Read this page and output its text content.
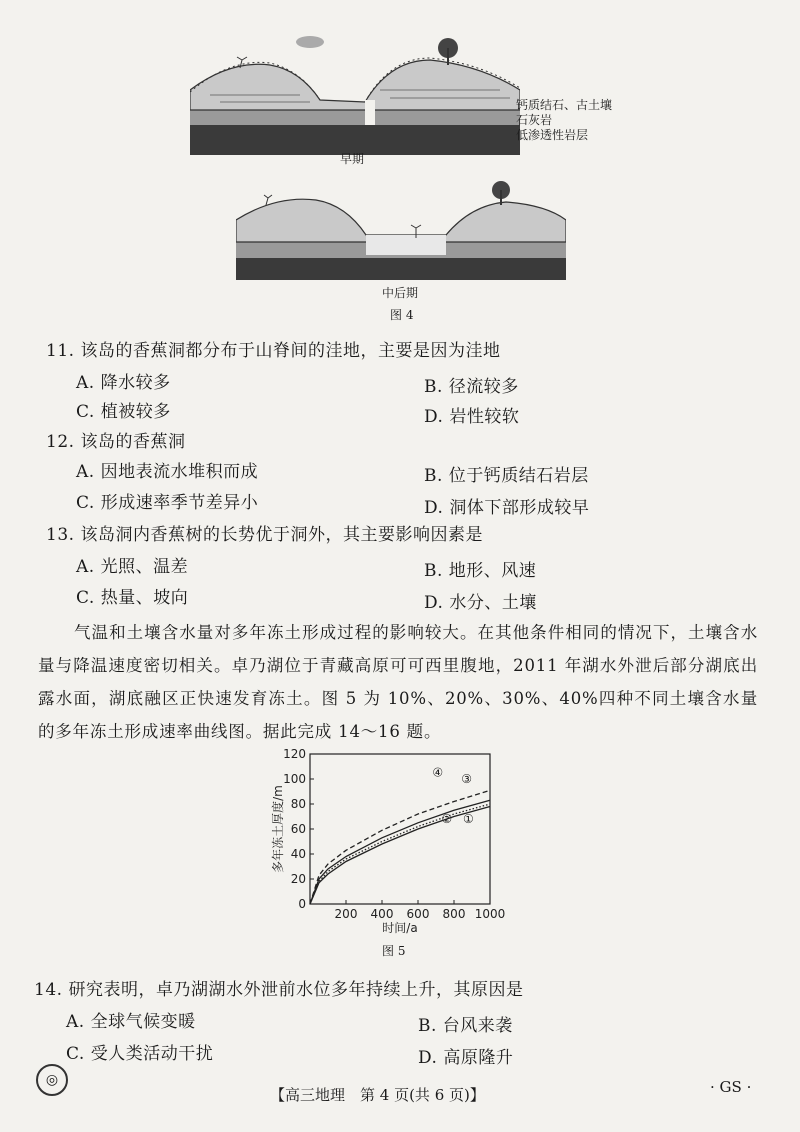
钙质结石、古土壤
石灰岩
低渗透性岩层
早期
中后期
图 4
11. 该岛的香蕉洞都分布于山脊间的洼地，主要是因为洼地
A. 降水较多	B. 径流较多
C. 植被较多	D. 岩性较软
12. 该岛的香蕉洞
A. 因地表流水堆积而成	B. 位于钙质结石岩层
C. 形成速率季节差异小	D. 洞体下部形成较早
13. 该岛洞内香蕉树的长势优于洞外，其主要影响因素是
A. 光照、温差	B. 地形、风速
C. 热量、坡向	D. 水分、土壤
气温和土壤含水量对多年冻土形成过程的影响较大。在其他条件相同的情况下，土壤含水量与降温速度密切相关。卓乃湖位于青藏高原可可西里腹地，2011 年湖水外泄后部分湖底出露水面，湖底融区正快速发育冻土。图 5 为 10%、20%、30%、40%四种不同土壤含水量的多年冻土形成速率曲线图。据此完成 14～16 题。
0
20
40
60
80
100
120
200 400 600 800 1000
时间/a
多年冻土厚度/m	①
②
③
④
图 5
14. 研究表明，卓乃湖湖水外泄前水位多年持续上升，其原因是
A. 全球气候变暖	B. 台风来袭
C. 受人类活动干扰	D. 高原隆升
◎
【高三地理　第 4 页(共 6 页)】	· GS ·
